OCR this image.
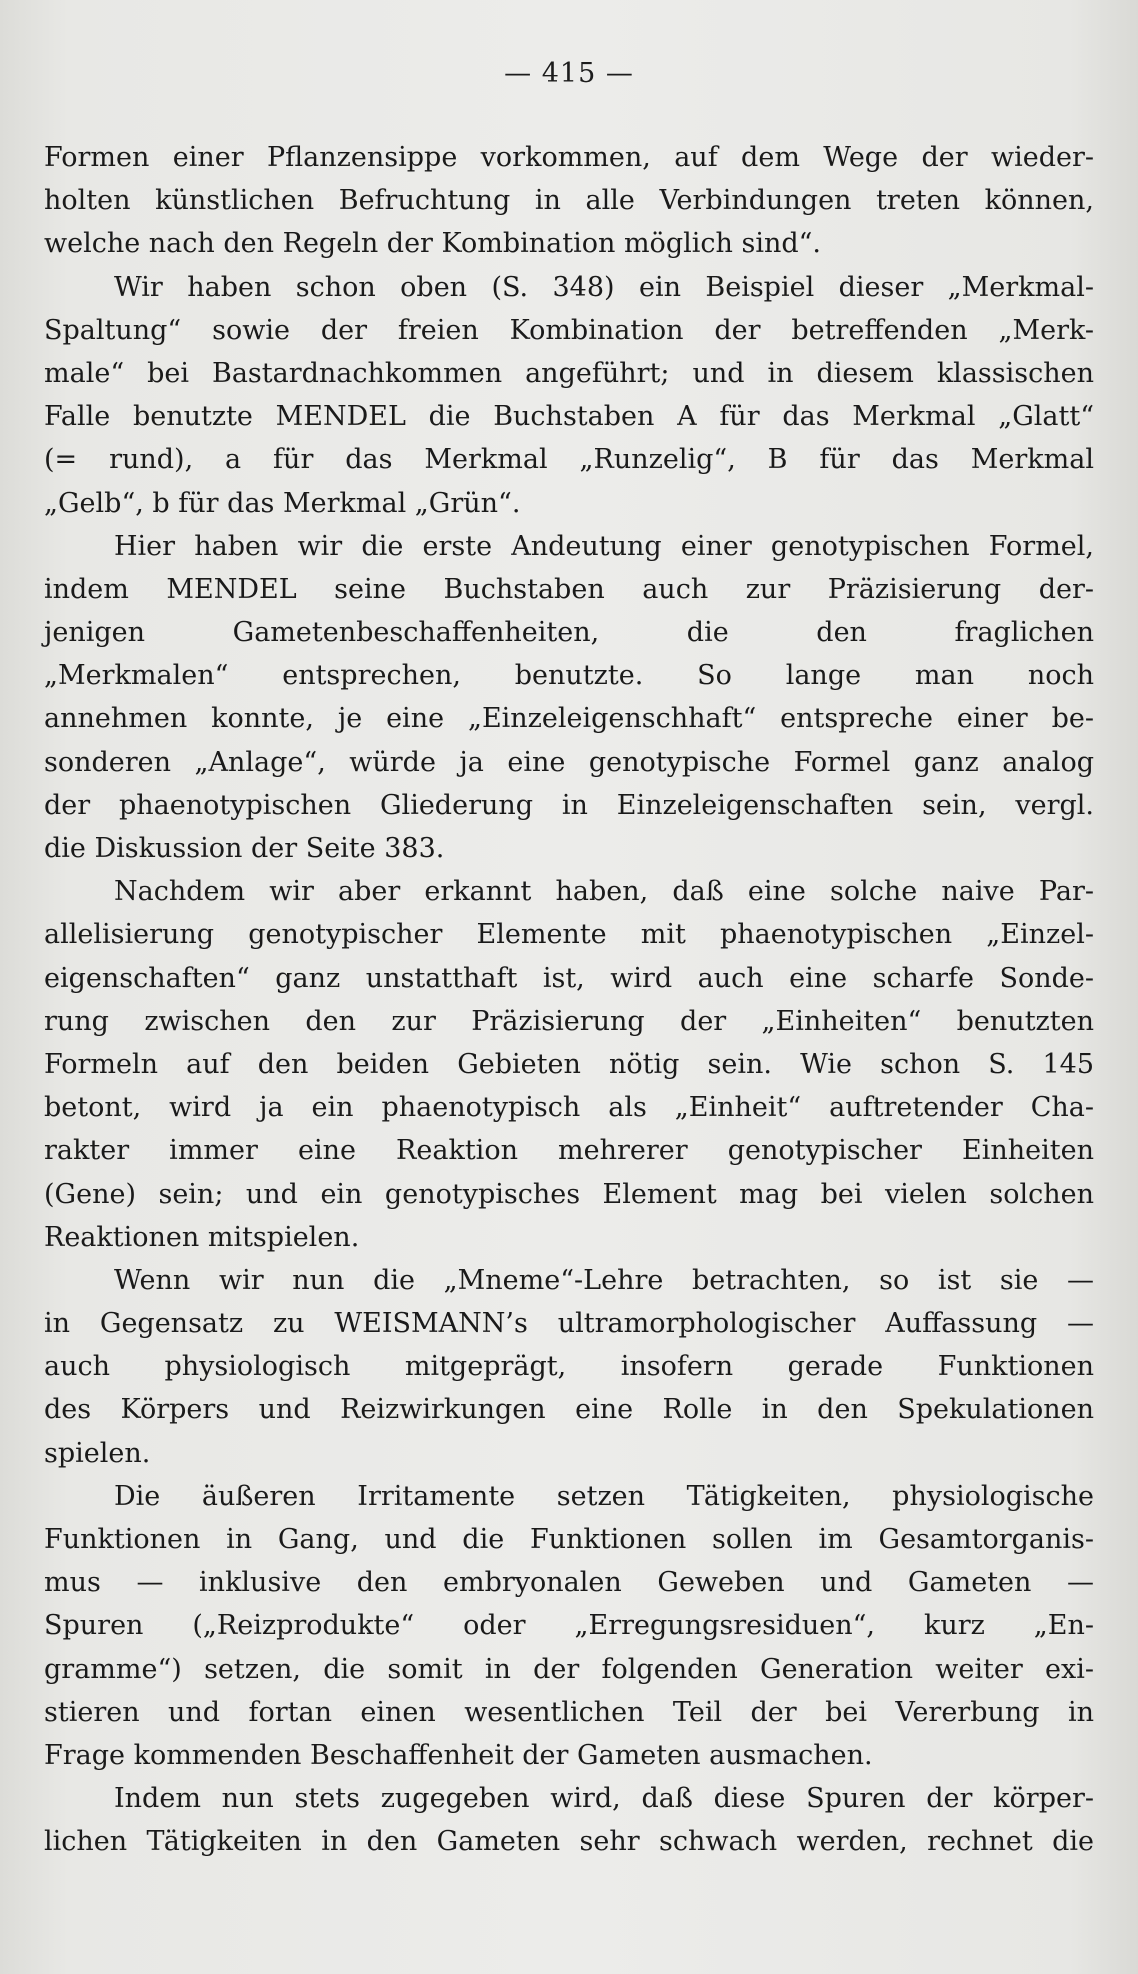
— 415 —
Formen einer Pflanzensippe vorkommen, auf dem Wege der wieder-
holten künstlichen Befruchtung in alle Verbindungen treten können,
welche nach den Regeln der Kombination möglich sind“.
Wir haben schon oben (S. 348) ein Beispiel dieser „Merkmal-
Spaltung“ sowie der freien Kombination der betreffenden „Merk-
male“ bei Bastardnachkommen angeführt; und in diesem klassischen
Falle benutzte MENDEL die Buchstaben A für das Merkmal „Glatt“
(= rund), a für das Merkmal „Runzelig“, B für das Merkmal
„Gelb“, b für das Merkmal „Grün“.
Hier haben wir die erste Andeutung einer genotypischen Formel,
indem MENDEL seine Buchstaben auch zur Präzisierung der-
jenigen Gametenbeschaffenheiten, die den fraglichen
„Merkmalen“ entsprechen, benutzte. So lange man noch
annehmen konnte, je eine „Einzeleigenschhaft“ entspreche einer be-
sonderen „Anlage“, würde ja eine genotypische Formel ganz analog
der phaenotypischen Gliederung in Einzeleigenschaften sein, vergl.
die Diskussion der Seite 383.
Nachdem wir aber erkannt haben, daß eine solche naive Par-
allelisierung genotypischer Elemente mit phaenotypischen „Einzel-
eigenschaften“ ganz unstatthaft ist, wird auch eine scharfe Sonde-
rung zwischen den zur Präzisierung der „Einheiten“ benutzten
Formeln auf den beiden Gebieten nötig sein. Wie schon S. 145
betont, wird ja ein phaenotypisch als „Einheit“ auftretender Cha-
rakter immer eine Reaktion mehrerer genotypischer Einheiten
(Gene) sein; und ein genotypisches Element mag bei vielen solchen
Reaktionen mitspielen.
Wenn wir nun die „Mneme“-Lehre betrachten, so ist sie —
in Gegensatz zu WEISMANN’s ultramorphologischer Auffassung —
auch physiologisch mitgeprägt, insofern gerade Funktionen
des Körpers und Reizwirkungen eine Rolle in den Spekulationen
spielen.
Die äußeren Irritamente setzen Tätigkeiten, physiologische
Funktionen in Gang, und die Funktionen sollen im Gesamtorganis-
mus — inklusive den embryonalen Geweben und Gameten —
Spuren („Reizprodukte“ oder „Erregungsresiduen“, kurz „En-
gramme“) setzen, die somit in der folgenden Generation weiter exi-
stieren und fortan einen wesentlichen Teil der bei Vererbung in
Frage kommenden Beschaffenheit der Gameten ausmachen.
Indem nun stets zugegeben wird, daß diese Spuren der körper-
lichen Tätigkeiten in den Gameten sehr schwach werden, rechnet die
